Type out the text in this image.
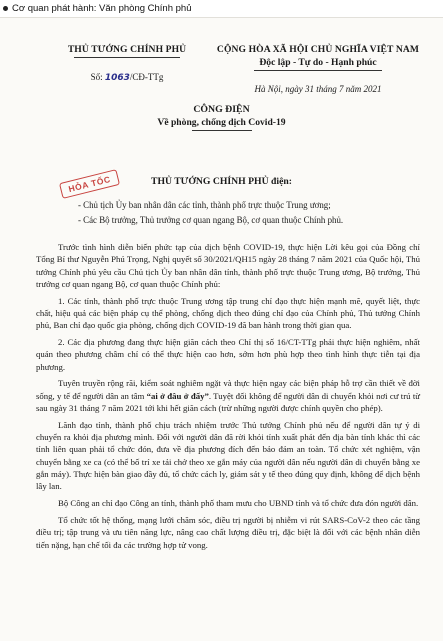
Cơ quan phát hành: Văn phòng Chính phủ
THỦ TƯỚNG CHÍNH PHỦ
Số: 1063/CĐ-TTg
CỘNG HÒA XÃ HỘI CHỦ NGHĨA VIỆT NAM
Độc lập - Tự do - Hạnh phúc
Hà Nội, ngày 31 tháng 7 năm 2021
CÔNG ĐIỆN
Về phòng, chống dịch Covid-19
HỎA TỐC	THỦ TƯỚNG CHÍNH PHỦ điện:
- Chủ tịch Ủy ban nhân dân các tỉnh, thành phố trực thuộc Trung ương;
- Các Bộ trưởng, Thủ trưởng cơ quan ngang Bộ, cơ quan thuộc Chính phủ.

Trước tình hình diễn biến phức tạp của dịch bệnh COVID-19, thực hiện Lời kêu gọi của Đồng chí Tổng Bí thư Nguyễn Phú Trọng, Nghị quyết số 30/2021/QH15 ngày 28 tháng 7 năm 2021 của Quốc hội, Thủ tướng Chính phủ yêu cầu Chủ tịch Ủy ban nhân dân tỉnh, thành phố trực thuộc Trung ương, Bộ trưởng, Thủ trưởng cơ quan ngang Bộ, cơ quan thuộc Chính phủ:

1. Các tỉnh, thành phố trực thuộc Trung ương tập trung chỉ đạo thực hiện mạnh mẽ, quyết liệt, thực chất, hiệu quả các biện pháp cụ thể phòng, chống dịch theo đúng chỉ đạo của Chính phủ, Thủ tướng Chính phủ, Ban chỉ đạo quốc gia phòng, chống dịch COVID-19 đã ban hành trong thời gian qua.

2. Các địa phương đang thực hiện giãn cách theo Chỉ thị số 16/CT-TTg phải thực hiện nghiêm, nhất quán theo phương châm chỉ có thể thực hiện cao hơn, sớm hơn phù hợp theo tình hình thực tiễn tại địa phương.

Tuyên truyền rộng rãi, kiểm soát nghiêm ngặt và thực hiện ngay các biện pháp hỗ trợ cần thiết về đời sống, y tế để người dân an tâm “ai ở đâu ở đấy”. Tuyệt đối không để người dân di chuyển khỏi nơi cư trú từ sau ngày 31 tháng 7 năm 2021 tới khi hết giãn cách (trừ những người được chính quyền cho phép).

Lãnh đạo tỉnh, thành phố chịu trách nhiệm trước Thủ tướng Chính phủ nếu để người dân tự ý di chuyển ra khỏi địa phương mình. Đối với người dân đã rời khỏi tỉnh xuất phát đến địa bàn tỉnh khác thì các tỉnh liên quan phải tổ chức đón, đưa về địa phương đích đến bảo đảm an toàn. Tổ chức xét nghiệm, vận chuyển bằng xe ca (có thể bố trí xe tải chở theo xe gắn máy của người dân nếu người dân di chuyển bằng xe gắn máy). Thực hiện bàn giao đầy đủ, tổ chức cách ly, giám sát y tế theo đúng quy định, không để dịch bệnh lây lan.

Bộ Công an chỉ đạo Công an tỉnh, thành phố tham mưu cho UBND tỉnh và tổ chức đưa đón người dân.

Tổ chức tốt hệ thống, mạng lưới chăm sóc, điều trị người bị nhiễm vi rút SARS-CoV-2 theo các tầng điều trị; tập trung và ưu tiên năng lực, nâng cao chất lượng điều trị, đặc biệt là đối với các bệnh nhân diễn tiến nặng, hạn chế tối đa các trường hợp tử vong.
